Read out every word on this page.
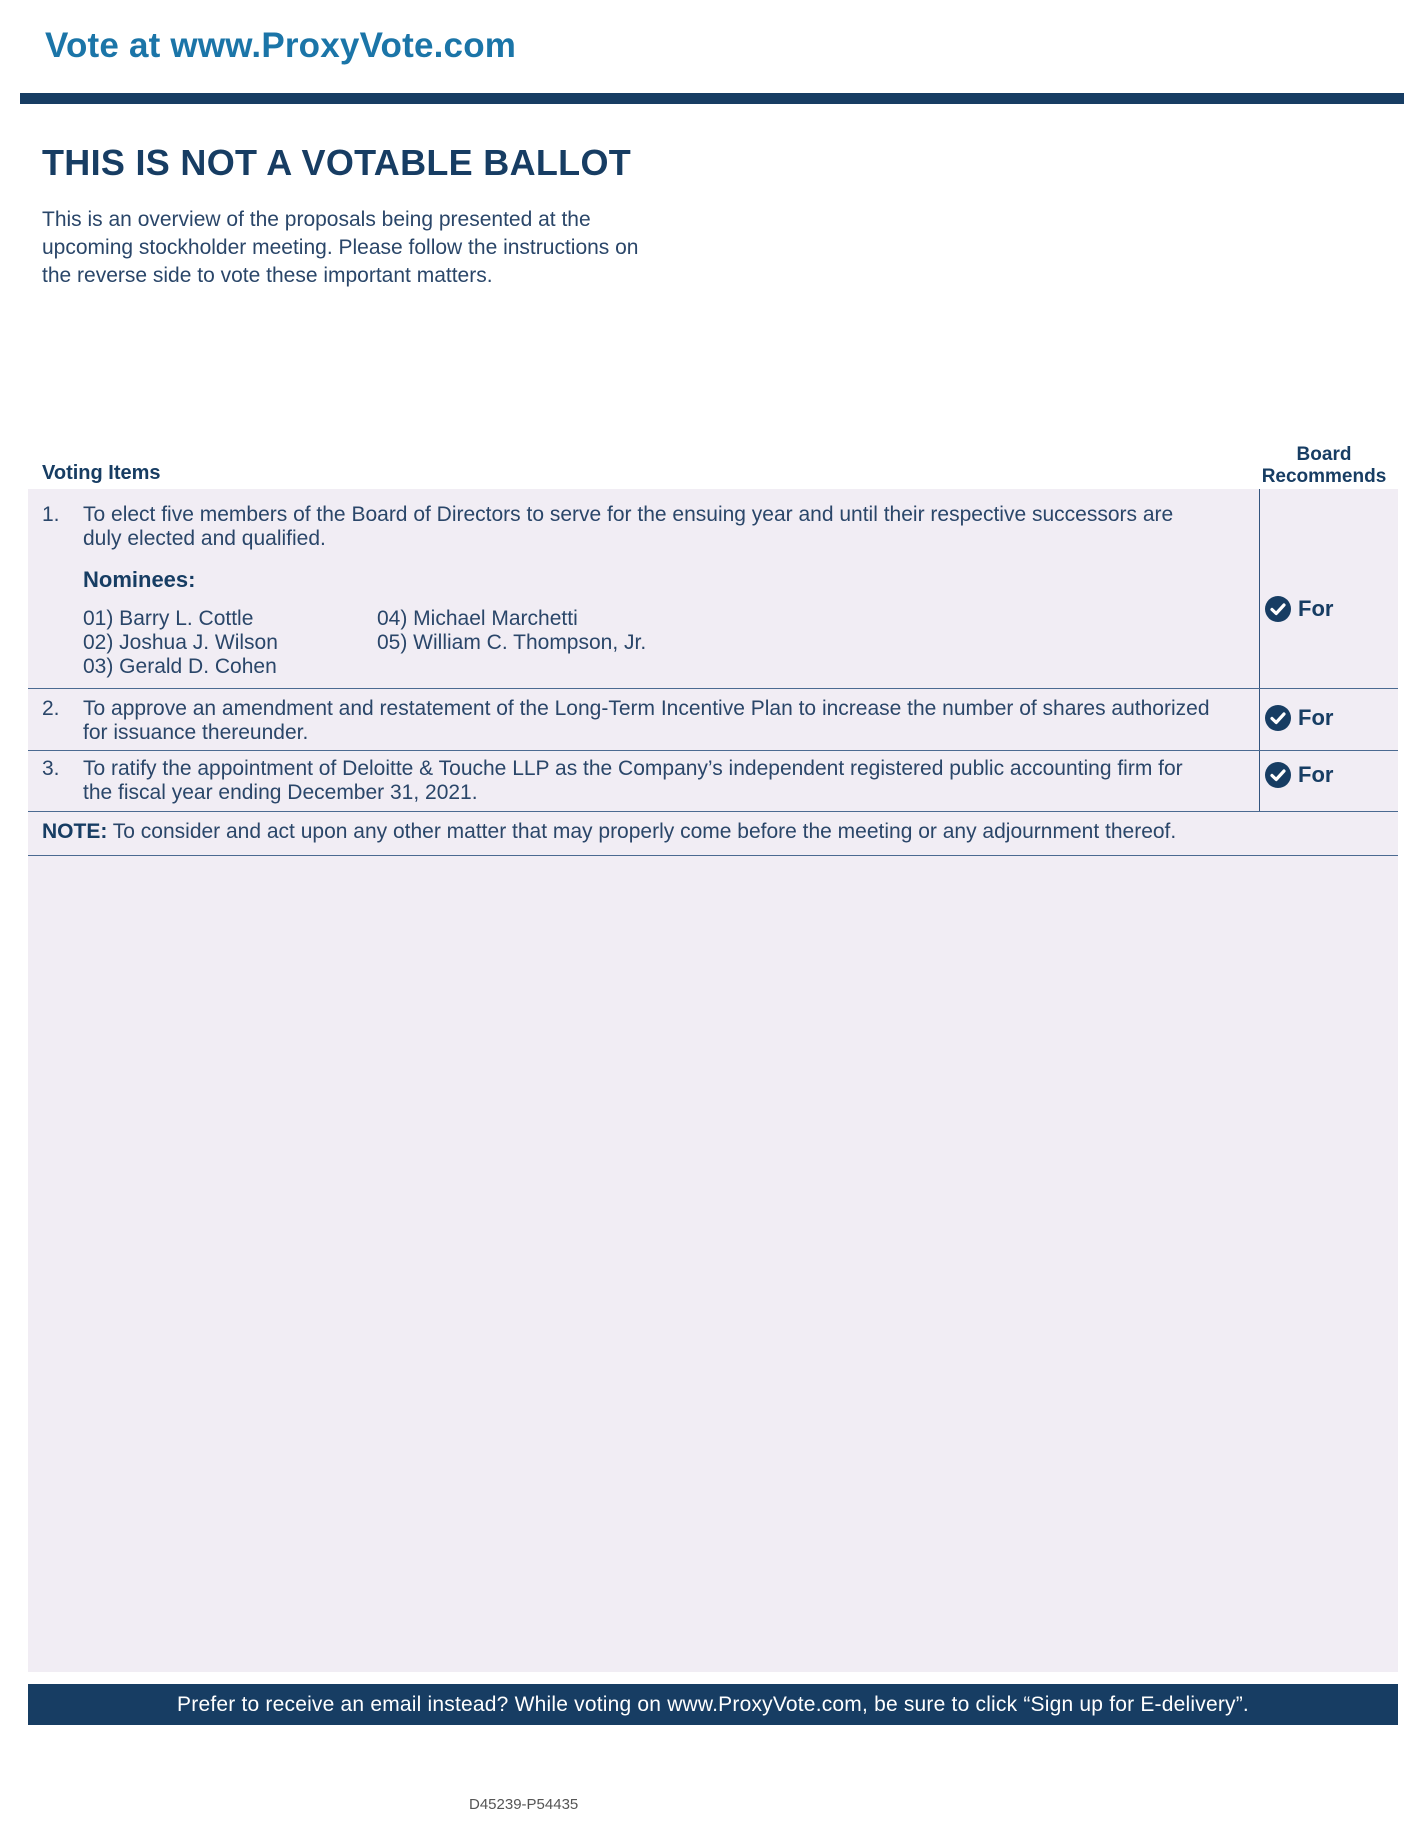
Vote at www.ProxyVote.com
THIS IS NOT A VOTABLE BALLOT
This is an overview of the proposals being presented at the
upcoming stockholder meeting. Please follow the instructions on
the reverse side to vote these important matters.
Voting Items
Board
Recommends
1. To elect five members of the Board of Directors to serve for the ensuing year and until their respective successors are
duly elected and qualified.
Nominees:
01) Barry L. Cottle
02) Joshua J. Wilson
03) Gerald D. Cohen
04) Michael Marchetti
05) William C. Thompson, Jr.
For
2. To approve an amendment and restatement of the Long-Term Incentive Plan to increase the number of shares authorized
for issuance thereunder.
For
3. To ratify the appointment of Deloitte & Touche LLP as the Company’s independent registered public accounting firm for
the fiscal year ending December 31, 2021.
For
NOTE: To consider and act upon any other matter that may properly come before the meeting or any adjournment thereof.
Prefer to receive an email instead? While voting on www.ProxyVote.com, be sure to click “Sign up for E-delivery”.
D45239-P54435
